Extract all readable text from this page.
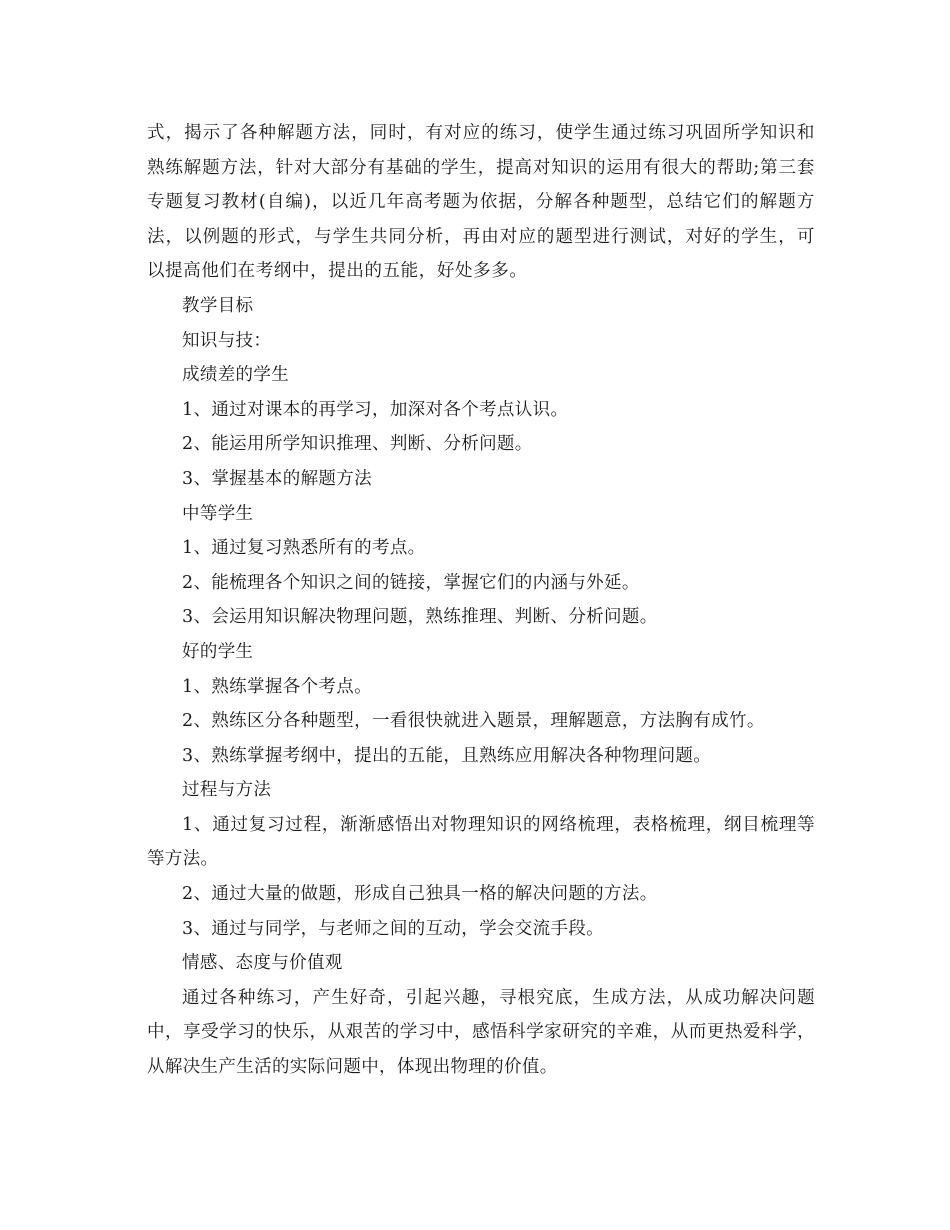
式，揭示了各种解题方法，同时，有对应的练习，使学生通过练习巩固所学知识和熟练解题方法，针对大部分有基础的学生，提高对知识的运用有很大的帮助;第三套专题复习教材(自编)，以近几年高考题为依据，分解各种题型，总结它们的解题方法，以例题的形式，与学生共同分析，再由对应的题型进行测试，对好的学生，可以提高他们在考纲中，提出的五能，好处多多。

教学目标

知识与技：

成绩差的学生

1、通过对课本的再学习，加深对各个考点认识。

2、能运用所学知识推理、判断、分析问题。

3、掌握基本的解题方法

中等学生

1、通过复习熟悉所有的考点。

2、能梳理各个知识之间的链接，掌握它们的内涵与外延。

3、会运用知识解决物理问题，熟练推理、判断、分析问题。

好的学生

1、熟练掌握各个考点。

2、熟练区分各种题型，一看很快就进入题景，理解题意，方法胸有成竹。

3、熟练掌握考纲中，提出的五能，且熟练应用解决各种物理问题。

过程与方法

1、通过复习过程，渐渐感悟出对物理知识的网络梳理，表格梳理，纲目梳理等等方法。

2、通过大量的做题，形成自己独具一格的解决问题的方法。

3、通过与同学，与老师之间的互动，学会交流手段。

情感、态度与价值观

通过各种练习，产生好奇，引起兴趣，寻根究底，生成方法，从成功解决问题中，享受学习的快乐，从艰苦的学习中，感悟科学家研究的辛难，从而更热爱科学，从解决生产生活的实际问题中，体现出物理的价值。
